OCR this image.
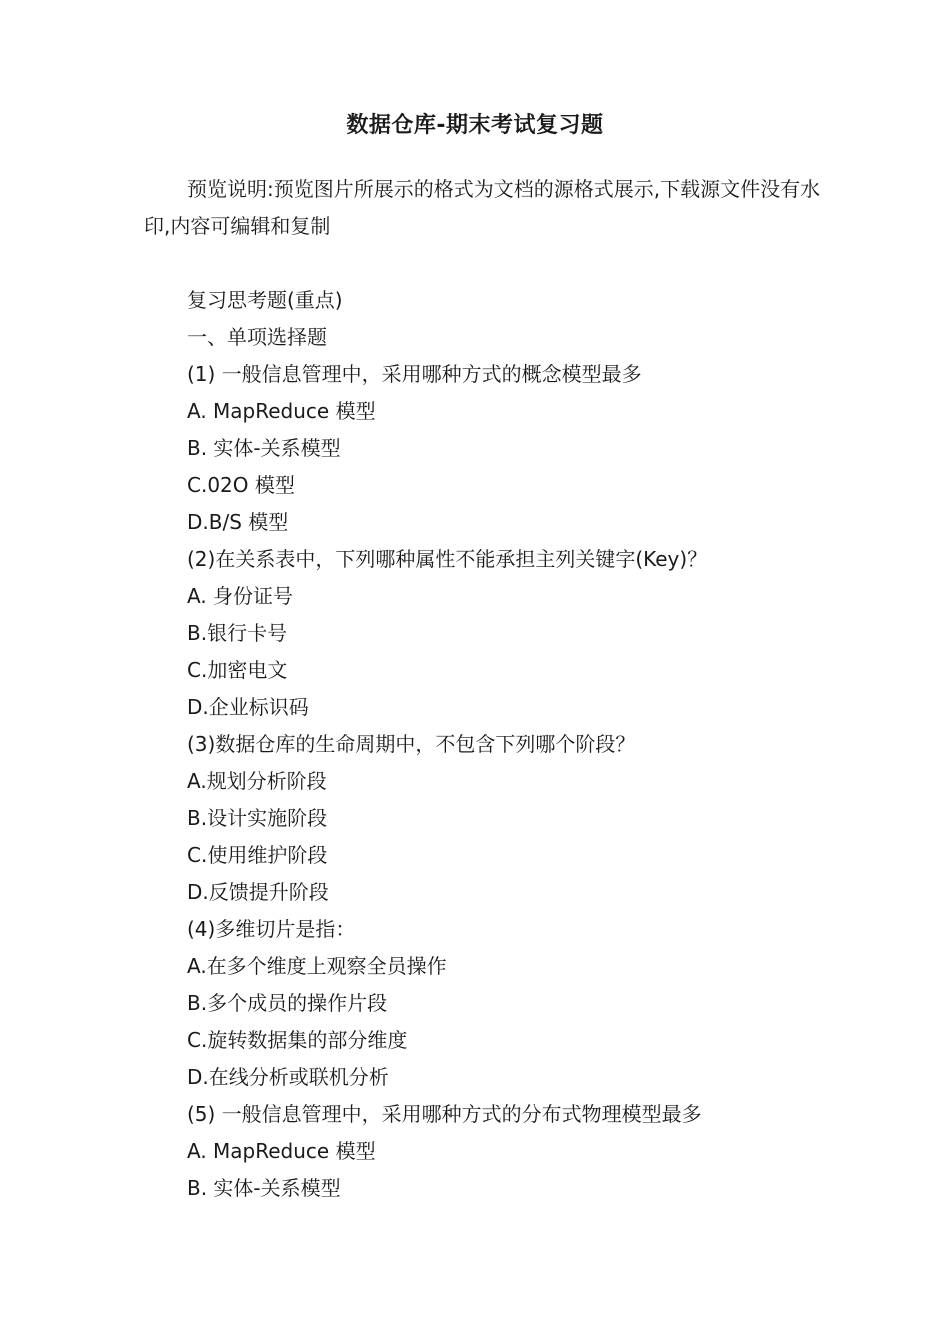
数据仓库-期末考试复习题
预览说明:预览图片所展示的格式为文档的源格式展示,下载源文件没有水印,内容可编辑和复制
复习思考题(重点)
一、单项选择题
(1) 一般信息管理中，采用哪种方式的概念模型最多
A. MapReduce 模型
B. 实体-关系模型
C.02O 模型
D.B/S 模型
(2)在关系表中，下列哪种属性不能承担主列关键字(Key)？
A. 身份证号
B.银行卡号
C.加密电文
D.企业标识码
(3)数据仓库的生命周期中，不包含下列哪个阶段？
A.规划分析阶段
B.设计实施阶段
C.使用维护阶段
D.反馈提升阶段
(4)多维切片是指：
A.在多个维度上观察全员操作
B.多个成员的操作片段
C.旋转数据集的部分维度
D.在线分析或联机分析
(5) 一般信息管理中，采用哪种方式的分布式物理模型最多
A. MapReduce 模型
B. 实体-关系模型
